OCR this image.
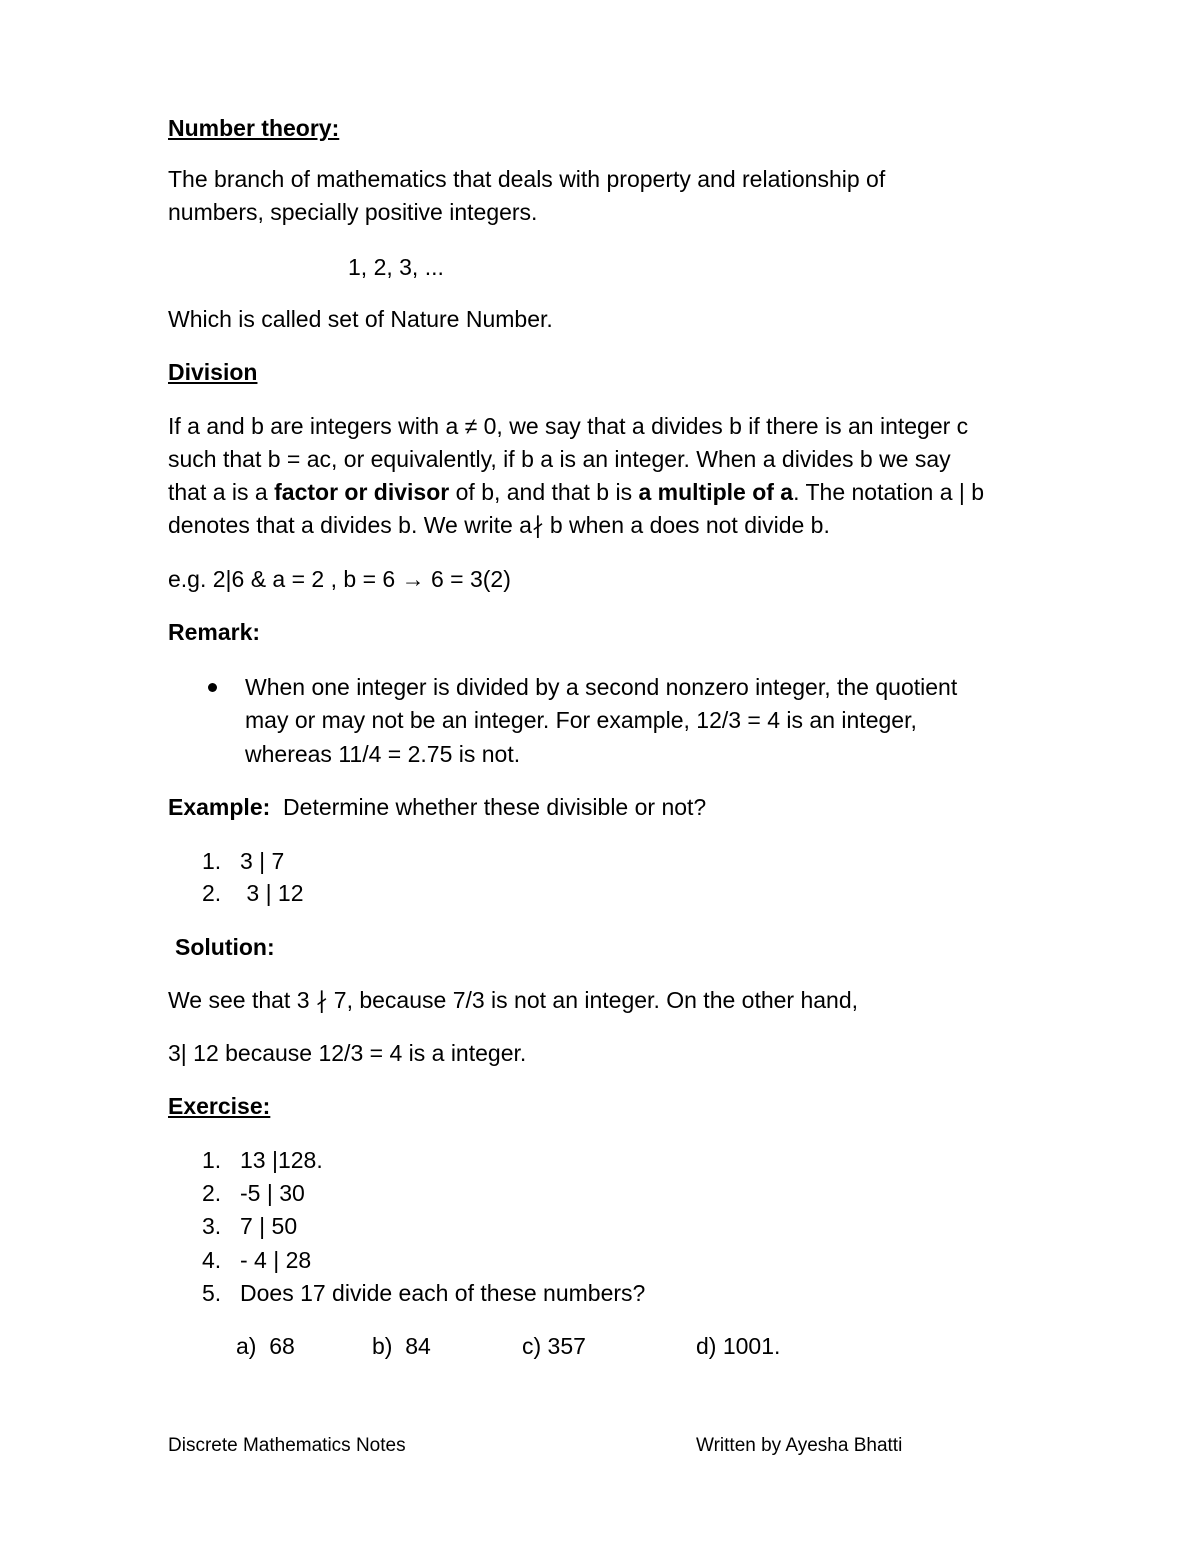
Number theory:
The branch of mathematics that deals with property and relationship of
numbers, specially positive integers.
1, 2, 3, ...
Which is called set of Nature Number.
Division
If a and b are integers with a ≠ 0, we say that a divides b if there is an integer c
such that b = ac, or equivalently, if b a is an integer. When a divides b we say
that a is a factor or divisor of b, and that b is a multiple of a. The notation a | b
denotes that a divides b. We write a∤ b when a does not divide b.
e.g. 2|6 & a = 2 , b = 6 → 6 = 3(2)
Remark:
When one integer is divided by a second nonzero integer, the quotient
may or may not be an integer. For example, 12/3 = 4 is an integer,
whereas 11/4 = 2.75 is not.
Example:  Determine whether these divisible or not?
1. 3 | 7
2. 3 | 12
Solution:
We see that 3 ∤ 7, because 7/3 is not an integer. On the other hand,
3| 12 because 12/3 = 4 is a integer.
Exercise:
1. 13 |128.
2. -5 | 30
3. 7 | 50
4. - 4 | 28
5. Does 17 divide each of these numbers?
a)  68	b)  84	c) 357	d) 1001.
Discrete Mathematics Notes	Written by Ayesha Bhatti
